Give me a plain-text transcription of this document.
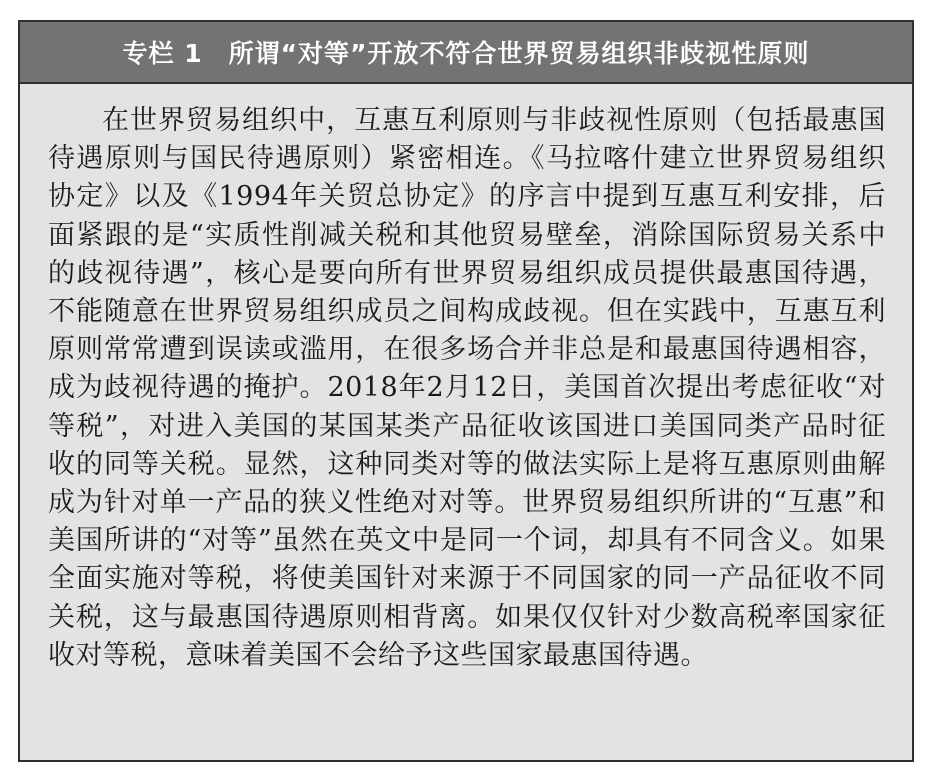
专栏 1　所谓“对等”开放不符合世界贸易组织非歧视性原则

在世界贸易组织中，互惠互利原则与非歧视性原则（包括最惠国待遇原则与国民待遇原则）紧密相连。《马拉喀什建立世界贸易组织协定》以及《1994年关贸总协定》的序言中提到互惠互利安排，后面紧跟的是“实质性削减关税和其他贸易壁垒，消除国际贸易关系中的歧视待遇”，核心是要向所有世界贸易组织成员提供最惠国待遇，不能随意在世界贸易组织成员之间构成歧视。但在实践中，互惠互利原则常常遭到误读或滥用，在很多场合并非总是和最惠国待遇相容，成为歧视待遇的掩护。2018年2月12日，美国首次提出考虑征收“对等税”，对进入美国的某国某类产品征收该国进口美国同类产品时征收的同等关税。显然，这种同类对等的做法实际上是将互惠原则曲解成为针对单一产品的狭义性绝对对等。世界贸易组织所讲的“互惠”和美国所讲的“对等”虽然在英文中是同一个词，却具有不同含义。如果全面实施对等税，将使美国针对来源于不同国家的同一产品征收不同关税，这与最惠国待遇原则相背离。如果仅仅针对少数高税率国家征收对等税，意味着美国不会给予这些国家最惠国待遇。
